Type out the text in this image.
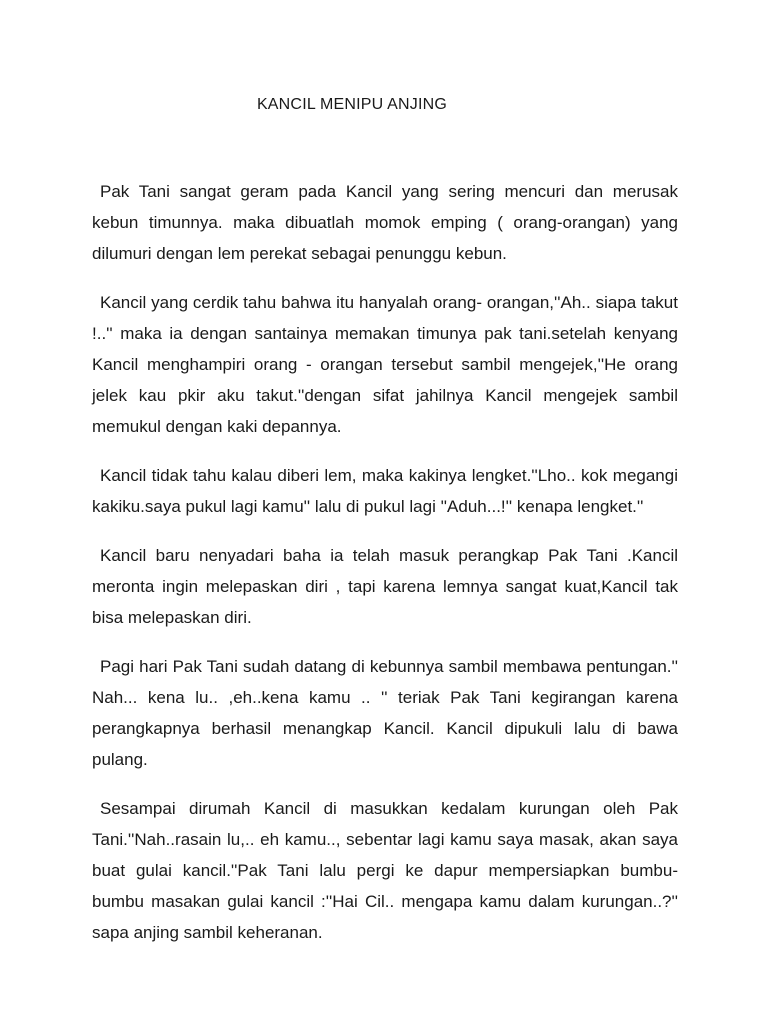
KANCIL MENIPU ANJING

Pak Tani sangat geram pada Kancil yang sering mencuri dan merusak kebun timunnya. maka dibuatlah momok emping ( orang-orangan) yang dilumuri dengan lem perekat sebagai penunggu kebun.

Kancil yang cerdik tahu bahwa itu hanyalah orang- orangan,''Ah.. siapa takut !..'' maka ia dengan santainya memakan timunya pak tani.setelah kenyang Kancil menghampiri orang - orangan tersebut sambil mengejek,''He orang jelek kau pkir aku takut.''dengan sifat jahilnya Kancil mengejek sambil memukul dengan kaki depannya.

Kancil tidak tahu kalau diberi lem, maka kakinya lengket.''Lho.. kok megangi kakiku.saya pukul lagi kamu'' lalu di pukul lagi ''Aduh...!'' kenapa lengket.''

Kancil baru nenyadari baha ia telah masuk perangkap Pak Tani .Kancil meronta ingin melepaskan diri , tapi karena lemnya sangat kuat,Kancil tak bisa melepaskan diri.

Pagi hari Pak Tani sudah datang di kebunnya sambil membawa pentungan.'' Nah... kena lu.. ,eh..kena kamu .. '' teriak Pak Tani kegirangan karena perangkapnya berhasil menangkap Kancil. Kancil dipukuli lalu di bawa pulang.

Sesampai dirumah Kancil di masukkan kedalam kurungan oleh Pak Tani.''Nah..rasain lu,.. eh kamu.., sebentar lagi kamu saya masak, akan saya buat gulai kancil.''Pak Tani lalu pergi ke dapur mempersiapkan bumbu- bumbu masakan gulai kancil :''Hai Cil.. mengapa kamu dalam kurungan..?'' sapa anjing sambil keheranan.
